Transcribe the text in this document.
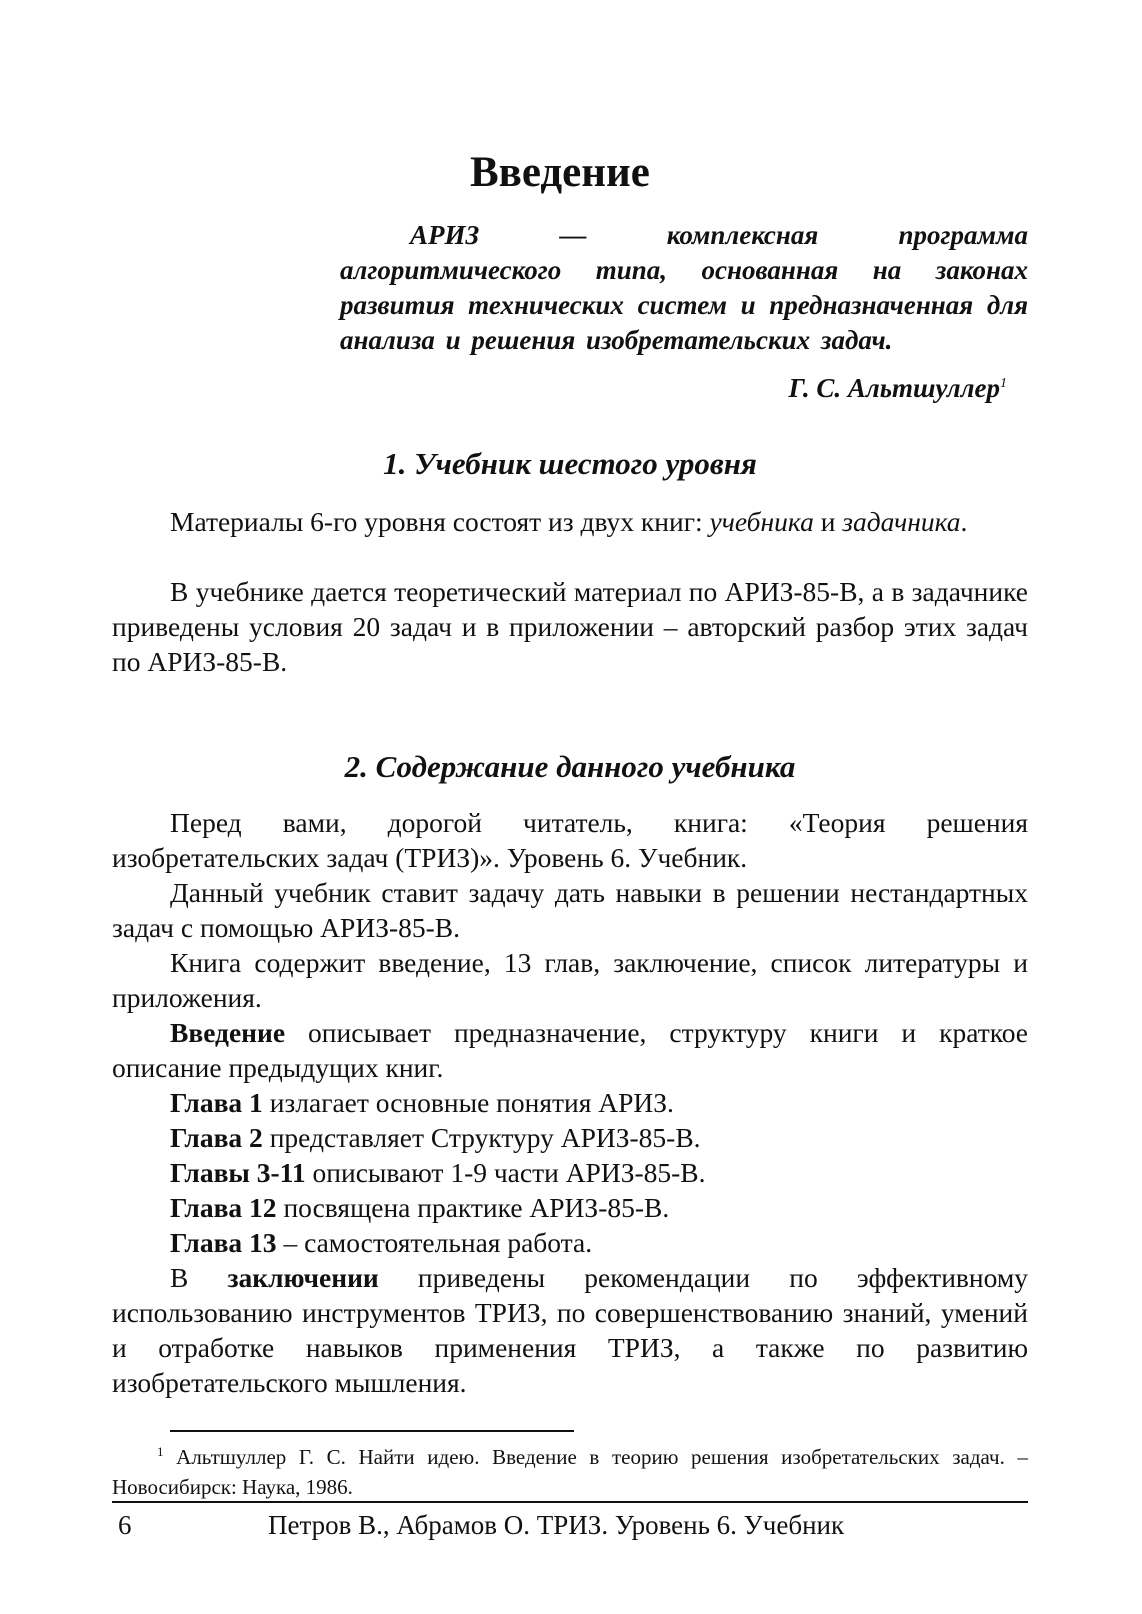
Введение
АРИЗ — комплексная программа алгоритмического типа, основанная на законах развития технических систем и предназначенная для анализа и решения изобретательских задач.
Г. С. Альтшуллер$^1$
1. Учебник шестого уровня

Материалы 6-го уровня состоят из двух книг: учебника и задачника.

В учебнике дается теоретический материал по АРИЗ-85-В, а в задачнике приведены условия 20 задач и в приложении – авторский разбор этих задач по АРИЗ-85-В.

2. Содержание данного учебника

Перед вами, дорогой читатель, книга: «Теория решения изобретательских задач (ТРИЗ)». Уровень 6. Учебник.

Данный учебник ставит задачу дать навыки в решении нестандартных задач с помощью АРИЗ-85-В.

Книга содержит введение, 13 глав, заключение, список литературы и приложения.

Введение описывает предназначение, структуру книги и краткое описание предыдущих книг.

Глава 1 излагает основные понятия АРИЗ.

Глава 2 представляет Структуру АРИЗ-85-В.

Главы 3-11 описывают 1-9 части АРИЗ-85-В.

Глава 12 посвящена практике АРИЗ-85-В.

Глава 13 – самостоятельная работа.

В заключении приведены рекомендации по эффективному использованию инструментов ТРИЗ, по совершенствованию знаний, умений и отработке навыков применения ТРИЗ, а также по развитию изобретательского мышления.

$^1$ Альтшуллер Г. С. Найти идею. Введение в теорию решения изобретательских задач. – Новосибирск: Наука, 1986.
6	Петров В., Абрамов О. ТРИЗ. Уровень 6. Учебник
